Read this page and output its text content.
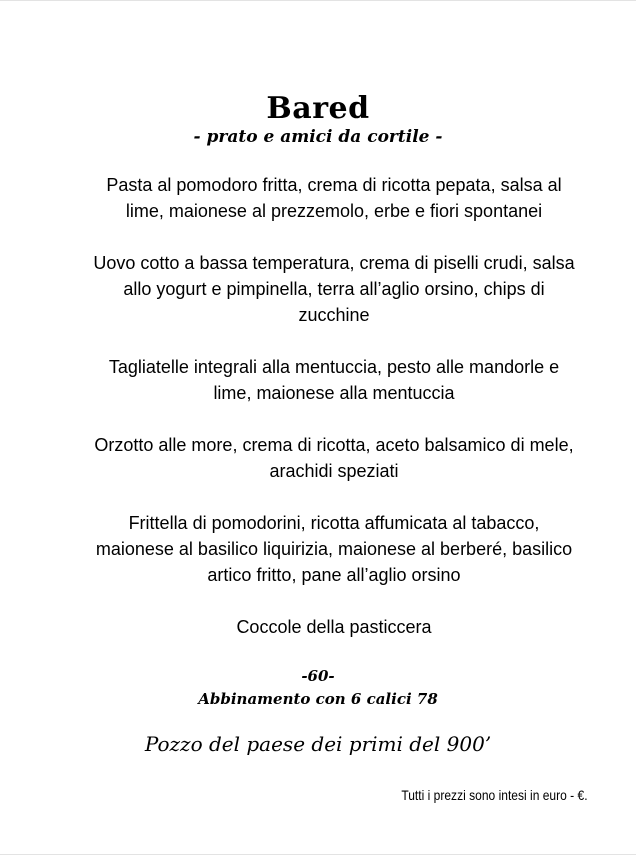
Bared
- prato e amici da cortile -

Pasta al pomodoro fritta, crema di ricotta pepata, salsa al lime, maionese al prezzemolo, erbe e fiori spontanei

Uovo cotto a bassa temperatura, crema di piselli crudi, salsa allo yogurt e pimpinella, terra all’aglio orsino, chips di zucchine

Tagliatelle integrali alla mentuccia, pesto alle mandorle e lime, maionese alla mentuccia

Orzotto alle more, crema di ricotta, aceto balsamico di mele, arachidi speziati

Frittella di pomodorini, ricotta affumicata al tabacco, maionese al basilico liquirizia, maionese al berberé, basilico artico fritto, pane all’aglio orsino

Coccole della pasticcera

-60-
Abbinamento con 6 calici 78
Pozzo del paese dei primi del 900’
Tutti i prezzi sono intesi in euro - €.
